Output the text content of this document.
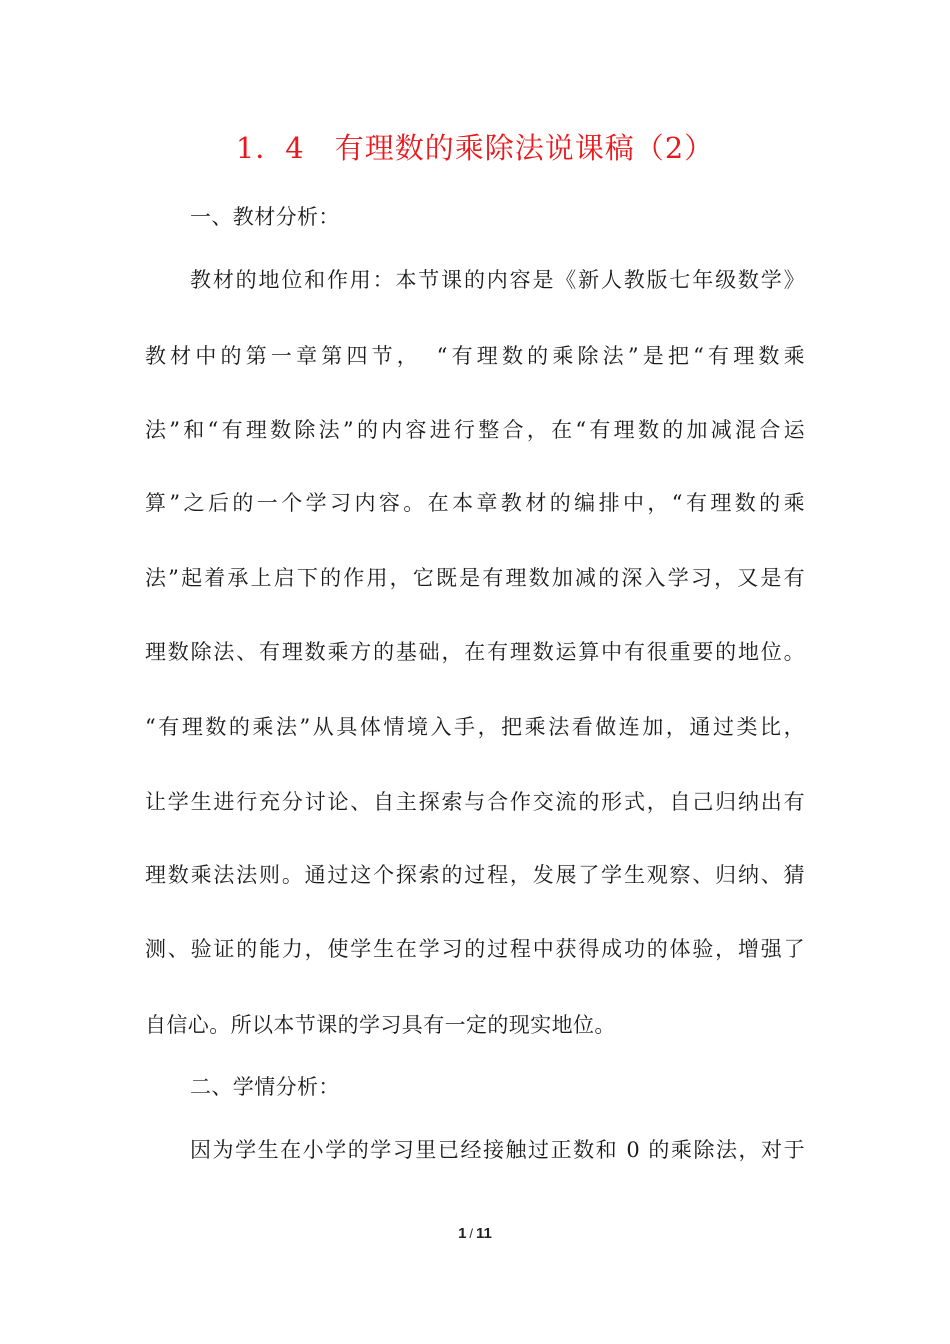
1．4　有理数的乘除法说课稿（2）
一、教材分析：
教材的地位和作用：本节课的内容是《新人教版七年级数学》
教材中的第一章第四节，　“有理数的乘除法”是把“有理数乘
法”和“有理数除法”的内容进行整合，在“有理数的加减混合运
算”之后的一个学习内容。在本章教材的编排中，“有理数的乘
法”起着承上启下的作用，它既是有理数加减的深入学习，又是有
理数除法、有理数乘方的基础，在有理数运算中有很重要的地位。
“有理数的乘法”从具体情境入手，把乘法看做连加，通过类比，
让学生进行充分讨论、自主探索与合作交流的形式，自己归纳出有
理数乘法法则。通过这个探索的过程，发展了学生观察、归纳、猜
测、验证的能力，使学生在学习的过程中获得成功的体验，增强了
自信心。所以本节课的学习具有一定的现实地位。
二、学情分析：
因为学生在小学的学习里已经接触过正数和 0 的乘除法，对于
1 / 11
